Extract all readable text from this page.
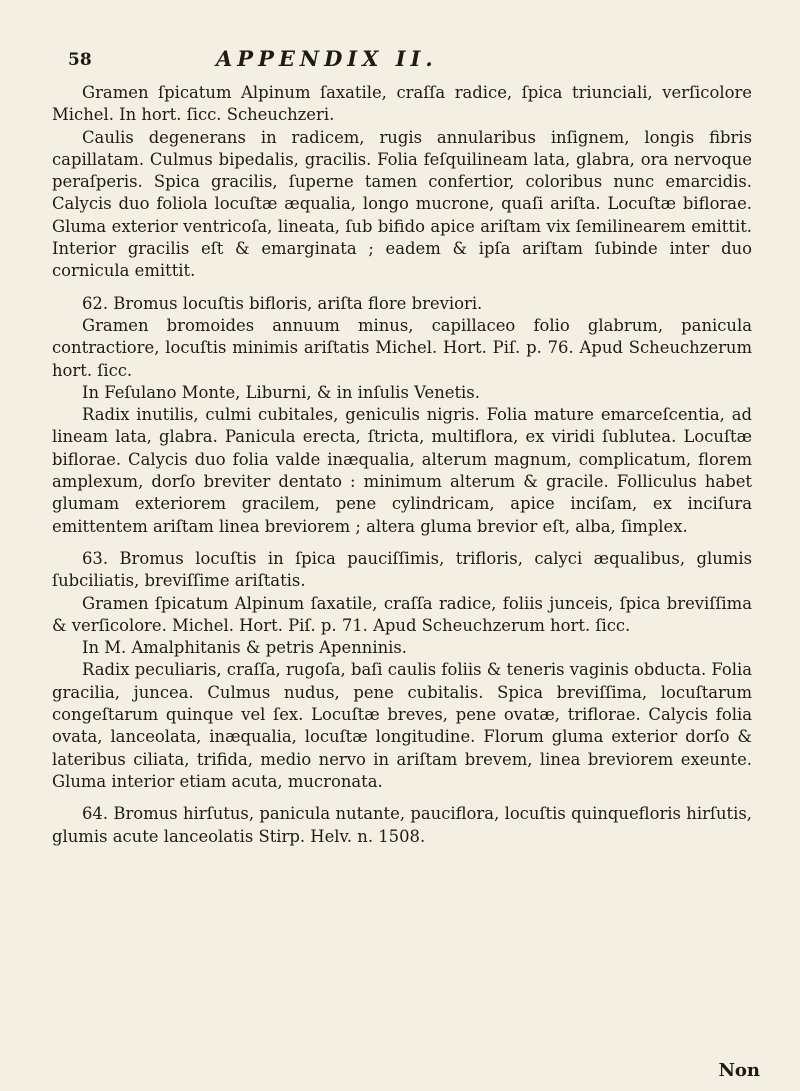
58	APPENDIX II.

Gramen ſpicatum Alpinum ſaxatile, craſſa radice, ſpica triunciali, verſicolore Michel. In hort. ſicc. Scheuchzeri.

Caulis degenerans in radicem, rugis annularibus inſignem, longis fibris capillatam. Culmus bipedalis, gracilis. Folia feſquilineam lata, glabra, ora nervoque peraſperis. Spica gracilis, ſuperne tamen confertior, coloribus nunc emarcidis. Calycis duo foliola locuſtæ æqualia, longo mucrone, quaſi ariſta. Locuſtæ biflorae. Gluma exterior ventricoſa, lineata, ſub bifido apice ariſtam vix ſemilinearem emittit. Interior gracilis eſt & emarginata ; eadem & ipſa ariſtam ſubinde inter duo cornicula emittit.

62. Bromus locuſtis bifloris, ariſta flore breviori.

Gramen bromoides annuum minus, capillaceo folio glabrum, panicula contractiore, locuſtis minimis ariſtatis Michel. Hort. Piſ. p. 76. Apud Scheuchzerum hort. ſicc.

In Feſulano Monte, Liburni, & in inſulis Venetis.

Radix inutilis, culmi cubitales, geniculis nigris. Folia mature emarceſcentia, ad lineam lata, glabra. Panicula erecta, ſtricta, multiflora, ex viridi ſublutea. Locuſtæ biflorae. Calycis duo folia valde inæqualia, alterum magnum, complicatum, florem amplexum, dorſo breviter dentato : minimum alterum & gracile. Folliculus habet glumam exteriorem gracilem, pene cylindricam, apice inciſam, ex inciſura emittentem ariſtam linea breviorem ; altera gluma brevior eſt, alba, ſimplex.

63. Bromus locuſtis in ſpica pauciſſimis, trifloris, calyci æqualibus, glumis ſubciliatis, breviſſime ariſtatis.

Gramen ſpicatum Alpinum ſaxatile, craſſa radice, foliis junceis, ſpica breviſſima & verſicolore. Michel. Hort. Piſ. p. 71. Apud Scheuchzerum hort. ſicc.

In M. Amalphitanis & petris Apenninis.

Radix peculiaris, craſſa, rugoſa, baſi caulis foliis & teneris vaginis obducta. Folia gracilia, juncea. Culmus nudus, pene cubitalis. Spica breviſſima, locuſtarum congeſtarum quinque vel ſex. Locuſtæ breves, pene ovatæ, triflorae. Calycis folia ovata, lanceolata, inæqualia, locuſtæ longitudine. Florum gluma exterior dorſo & lateribus ciliata, trifida, medio nervo in ariſtam brevem, linea breviorem exeunte. Gluma interior etiam acuta, mucronata.

64. Bromus hirſutus, panicula nutante, pauciflora, locuſtis quinquefloris hirſutis, glumis acute lanceolatis Stirp. Helv. n. 1508.

Non
